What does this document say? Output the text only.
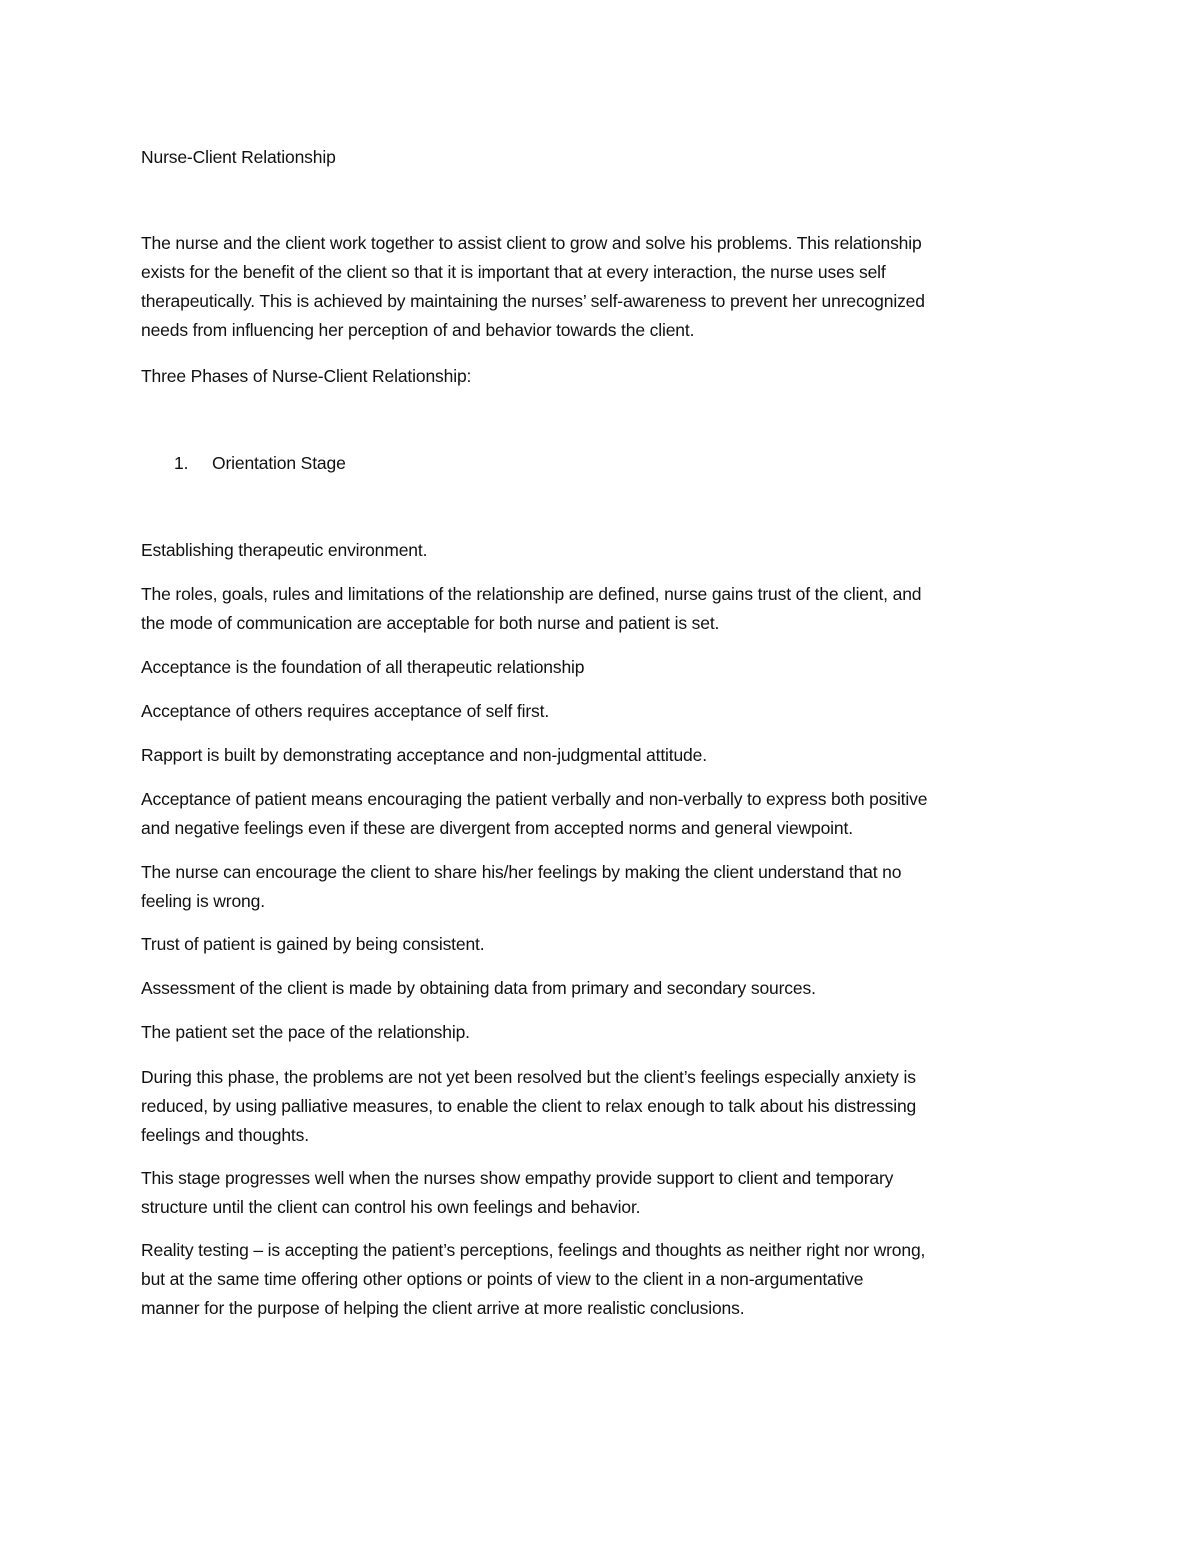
Nurse-Client Relationship
The nurse and the client work together to assist client to grow and solve his problems. This relationship
exists for the benefit of the client so that it is important that at every interaction, the nurse uses self
therapeutically. This is achieved by maintaining the nurses’ self-awareness to prevent her unrecognized
needs from influencing her perception of and behavior towards the client.
Three Phases of Nurse-Client Relationship:
1. Orientation Stage
Establishing therapeutic environment.
The roles, goals, rules and limitations of the relationship are defined, nurse gains trust of the client, and
the mode of communication are acceptable for both nurse and patient is set.
Acceptance is the foundation of all therapeutic relationship
Acceptance of others requires acceptance of self first.
Rapport is built by demonstrating acceptance and non-judgmental attitude.
Acceptance of patient means encouraging the patient verbally and non-verbally to express both positive
and negative feelings even if these are divergent from accepted norms and general viewpoint.
The nurse can encourage the client to share his/her feelings by making the client understand that no
feeling is wrong.
Trust of patient is gained by being consistent.
Assessment of the client is made by obtaining data from primary and secondary sources.
The patient set the pace of the relationship.
During this phase, the problems are not yet been resolved but the client’s feelings especially anxiety is
reduced, by using palliative measures, to enable the client to relax enough to talk about his distressing
feelings and thoughts.
This stage progresses well when the nurses show empathy provide support to client and temporary
structure until the client can control his own feelings and behavior.
Reality testing – is accepting the patient’s perceptions, feelings and thoughts as neither right nor wrong,
but at the same time offering other options or points of view to the client in a non-argumentative
manner for the purpose of helping the client arrive at more realistic conclusions.
